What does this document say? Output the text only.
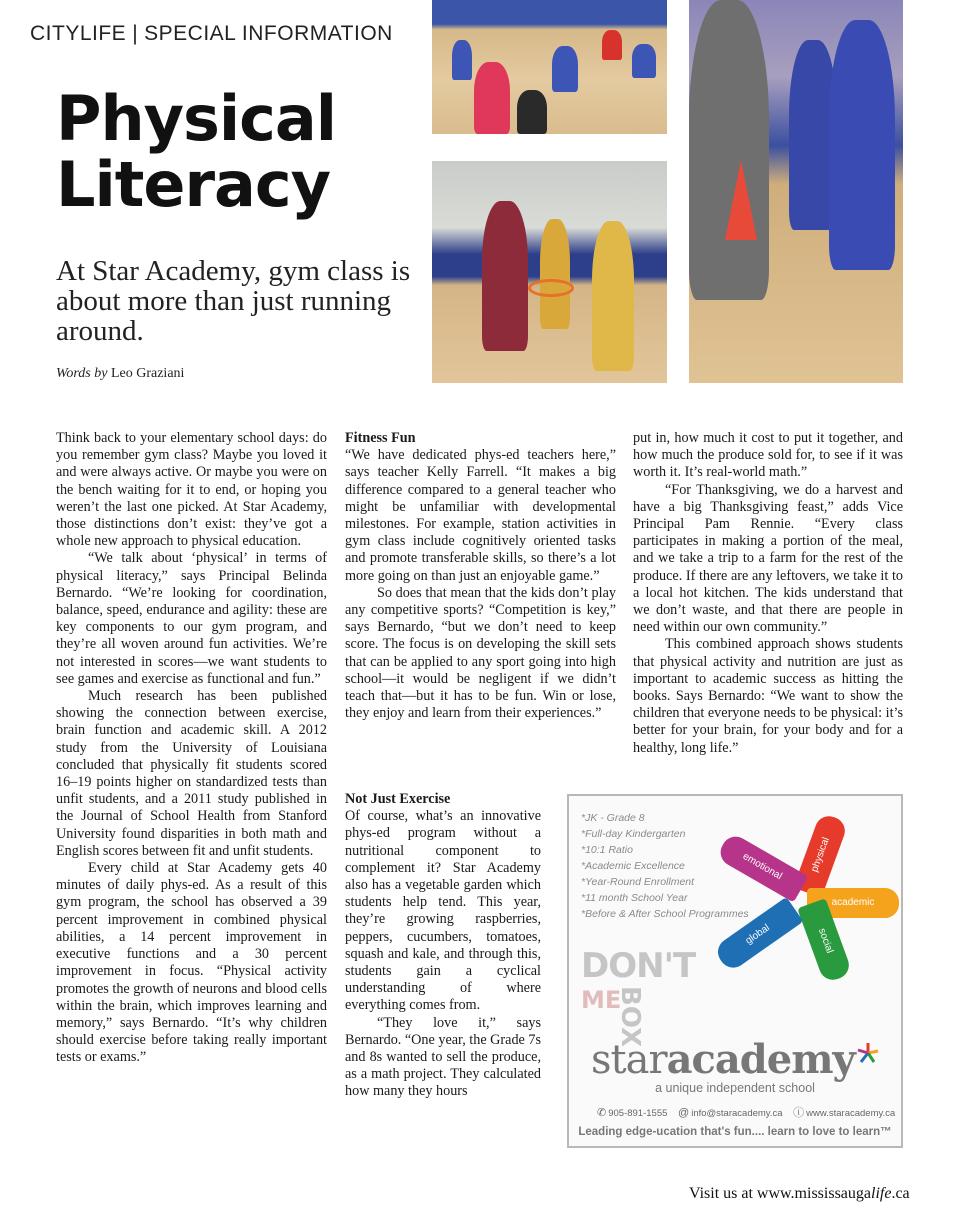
CITYLIFE | SPECIAL INFORMATION
Physical
Literacy
At Star Academy, gym class is about more than just running around.
Words by Leo Graziani

Think back to your elementary school days: do you remember gym class? Maybe you loved it and were always active. Or maybe you were on the bench waiting for it to end, or hoping you weren’t the last one picked. At Star Academy, those distinctions don’t exist: they’ve got a whole new approach to physical education.

“We talk about ‘physical’ in terms of physical literacy,” says Principal Belinda Bernardo. “We’re looking for coordination, balance, speed, endurance and agility: these are key components to our gym program, and they’re all woven around fun activities. We’re not interested in scores—we want students to see games and exercise as functional and fun.”

Much research has been published showing the connection between exercise, brain function and academic skill. A 2012 study from the University of Louisiana concluded that physically fit students scored 16–19 points higher on standardized tests than unfit students, and a 2011 study published in the Journal of School Health from Stanford University found disparities in both math and English scores between fit and unfit students.

Every child at Star Academy gets 40 minutes of daily phys-ed. As a result of this gym program, the school has observed a 39 percent improvement in combined physical abilities, a 14 percent improvement in executive functions and a 30 percent improvement in focus. “Physical activity promotes the growth of neurons and blood cells within the brain, which improves learning and memory,” says Bernardo. “It’s why children should exercise before taking really important tests or exams.”

Fitness Fun

“We have dedicated phys-ed teachers here,” says teacher Kelly Farrell. “It makes a big difference compared to a general teacher who might be unfamiliar with developmental milestones. For example, station activities in gym class include cognitively oriented tasks and promote transferable skills, so there’s a lot more going on than just an enjoyable game.”

So does that mean that the kids don’t play any competitive sports? “Competition is key,” says Bernardo, “but we don’t need to keep score. The focus is on developing the skill sets that can be applied to any sport going into high school—it would be negligent if we didn’t teach that—but it has to be fun. Win or lose, they enjoy and learn from their experiences.”

Not Just Exercise

Of course, what’s an innovative phys-ed program without a nutritional component to complement it? Star Academy also has a vegetable garden which students help tend. This year, they’re growing raspberries, peppers, cucumbers, tomatoes, squash and kale, and through this, students gain a cyclical understanding of where everything comes from.

“They love it,” says Bernardo. “One year, the Grade 7s and 8s wanted to sell the produce, as a math project. They calculated how many they hours

put in, how much it cost to put it together, and how much the produce sold for, to see if it was worth it. It’s real-world math.”

“For Thanksgiving, we do a harvest and have a big Thanksgiving feast,” adds Vice Principal Pam Rennie. “Every class participates in making a portion of the meal, and we take a trip to a farm for the rest of the produce. If there are any leftovers, we take it to a local hot kitchen. The kids understand that we don’t waste, and that there are people in need within our own community.”

This combined approach shows students that physical activity and nutrition are just as important to academic success as hitting the books. Says Bernardo: “We want to show the children that everyone needs to be physical: it’s better for your brain, for your body and for a healthy, long life.”

*JK - Grade 8
*Full-day Kindergarten
*10:1 Ratio
*Academic Excellence
*Year-Round Enrollment
*11 month School Year
*Before & After School Programmes
physical
academic
social
global
emotional
DON'T
ME
BOX
staracademy
a unique independent school
✆ 905-891-1555 @ info@staracademy.ca ⓘ www.staracademy.ca
Leading edge-ucation that's fun.... learn to love to learn™
Visit us at www.mississaugalife.ca
